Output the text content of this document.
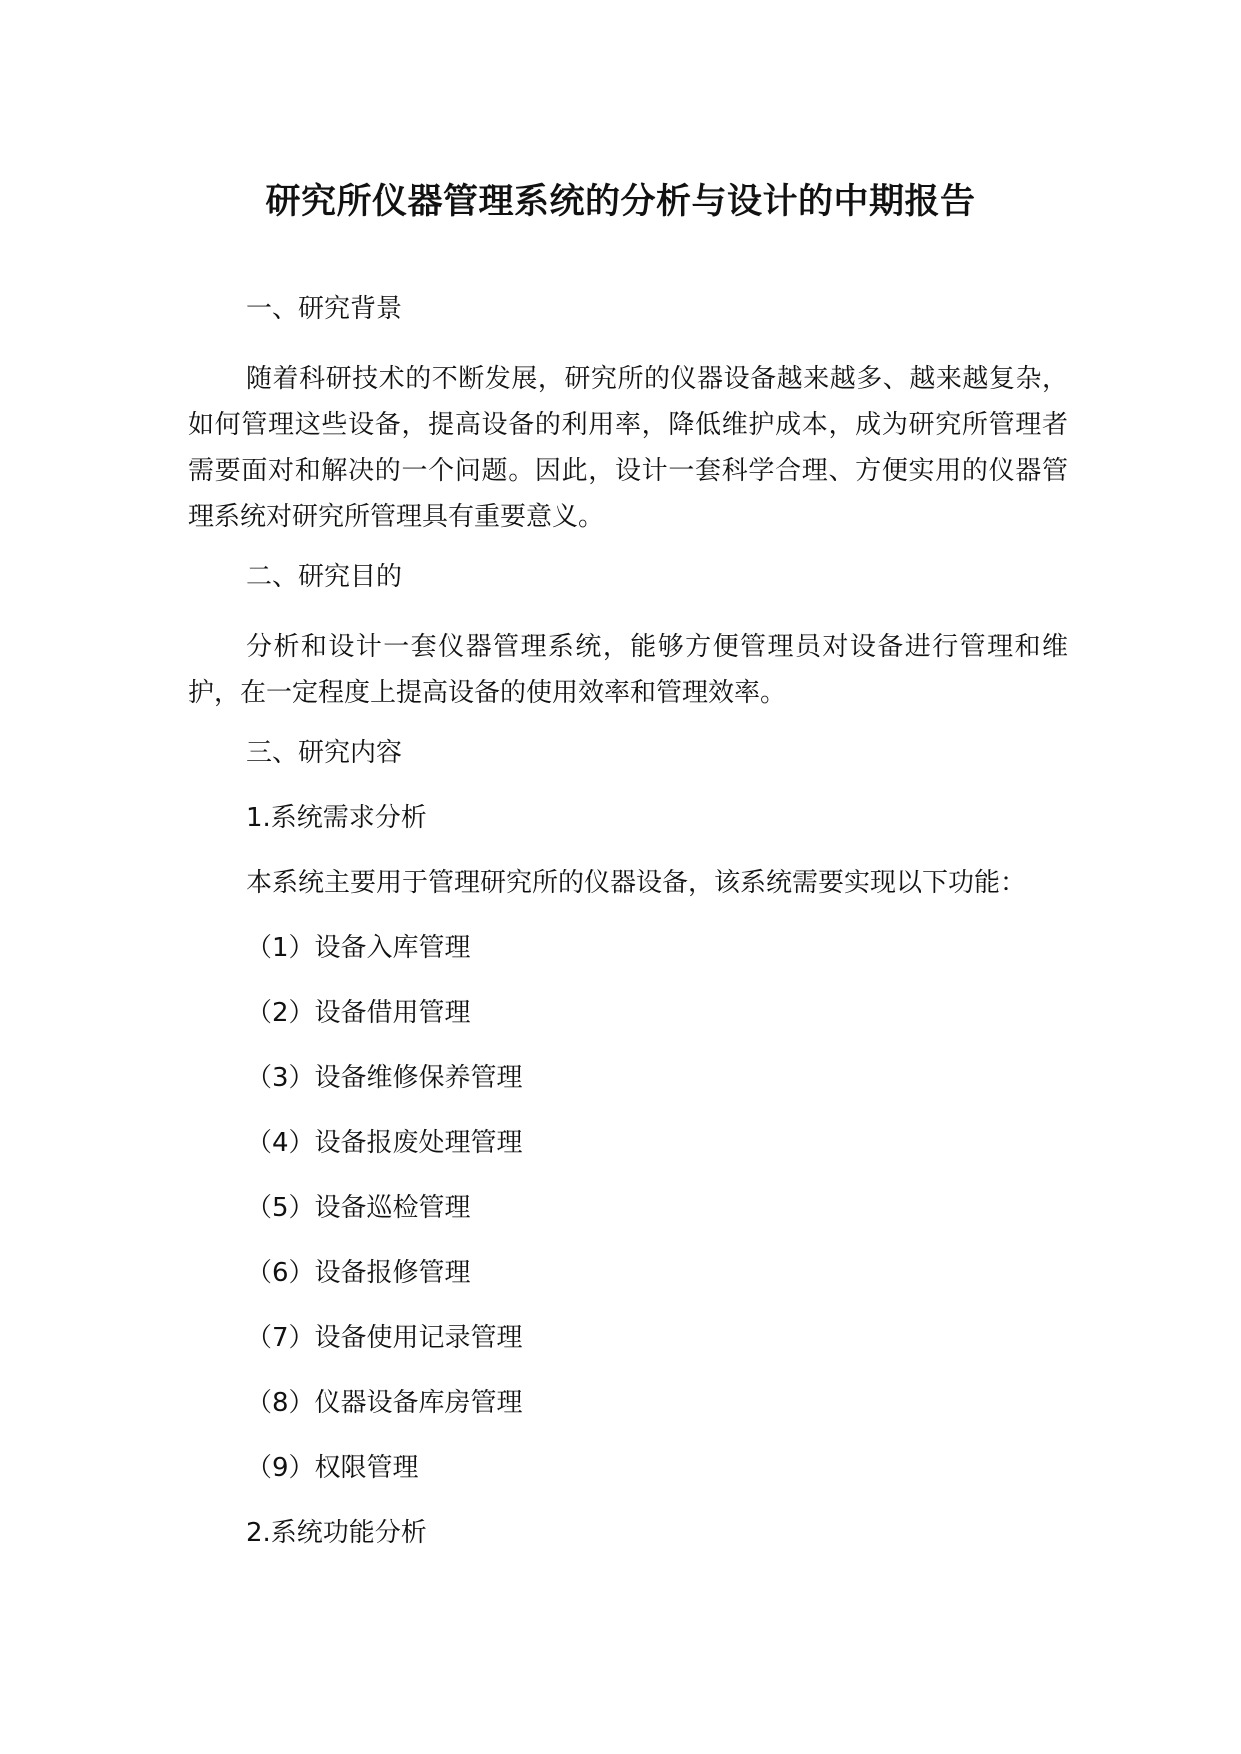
研究所仪器管理系统的分析与设计的中期报告
一、研究背景
随着科研技术的不断发展，研究所的仪器设备越来越多、越来越复杂，如何管理这些设备，提高设备的利用率，降低维护成本，成为研究所管理者需要面对和解决的一个问题。因此，设计一套科学合理、方便实用的仪器管理系统对研究所管理具有重要意义。
二、研究目的
分析和设计一套仪器管理系统，能够方便管理员对设备进行管理和维护，在一定程度上提高设备的使用效率和管理效率。
三、研究内容
1.系统需求分析
本系统主要用于管理研究所的仪器设备，该系统需要实现以下功能：
（1）设备入库管理
（2）设备借用管理
（3）设备维修保养管理
（4）设备报废处理管理
（5）设备巡检管理
（6）设备报修管理
（7）设备使用记录管理
（8）仪器设备库房管理
（9）权限管理
2.系统功能分析
